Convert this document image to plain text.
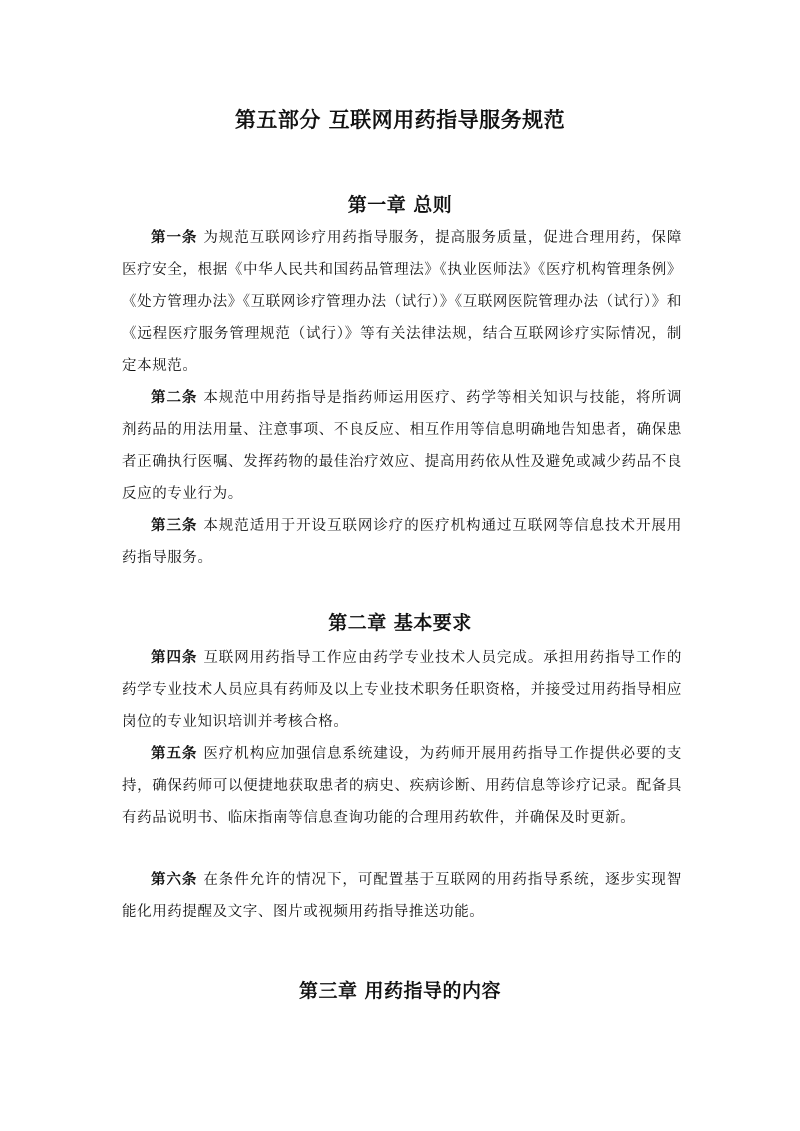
第五部分 互联网用药指导服务规范
第一章 总则

第一条 为规范互联网诊疗用药指导服务，提高服务质量，促进合理用药，保障医疗安全，根据《中华人民共和国药品管理法》《执业医师法》《医疗机构管理条例》《处方管理办法》《互联网诊疗管理办法（试行）》《互联网医院管理办法（试行）》和《远程医疗服务管理规范（试行）》等有关法律法规，结合互联网诊疗实际情况，制定本规范。

第二条 本规范中用药指导是指药师运用医疗、药学等相关知识与技能，将所调剂药品的用法用量、注意事项、不良反应、相互作用等信息明确地告知患者，确保患者正确执行医嘱、发挥药物的最佳治疗效应、提高用药依从性及避免或减少药品不良反应的专业行为。

第三条 本规范适用于开设互联网诊疗的医疗机构通过互联网等信息技术开展用药指导服务。

第二章 基本要求

第四条 互联网用药指导工作应由药学专业技术人员完成。承担用药指导工作的药学专业技术人员应具有药师及以上专业技术职务任职资格，并接受过用药指导相应岗位的专业知识培训并考核合格。

第五条 医疗机构应加强信息系统建设，为药师开展用药指导工作提供必要的支持，确保药师可以便捷地获取患者的病史、疾病诊断、用药信息等诊疗记录。配备具有药品说明书、临床指南等信息查询功能的合理用药软件，并确保及时更新。

第六条 在条件允许的情况下，可配置基于互联网的用药指导系统，逐步实现智能化用药提醒及文字、图片或视频用药指导推送功能。

第三章 用药指导的内容
